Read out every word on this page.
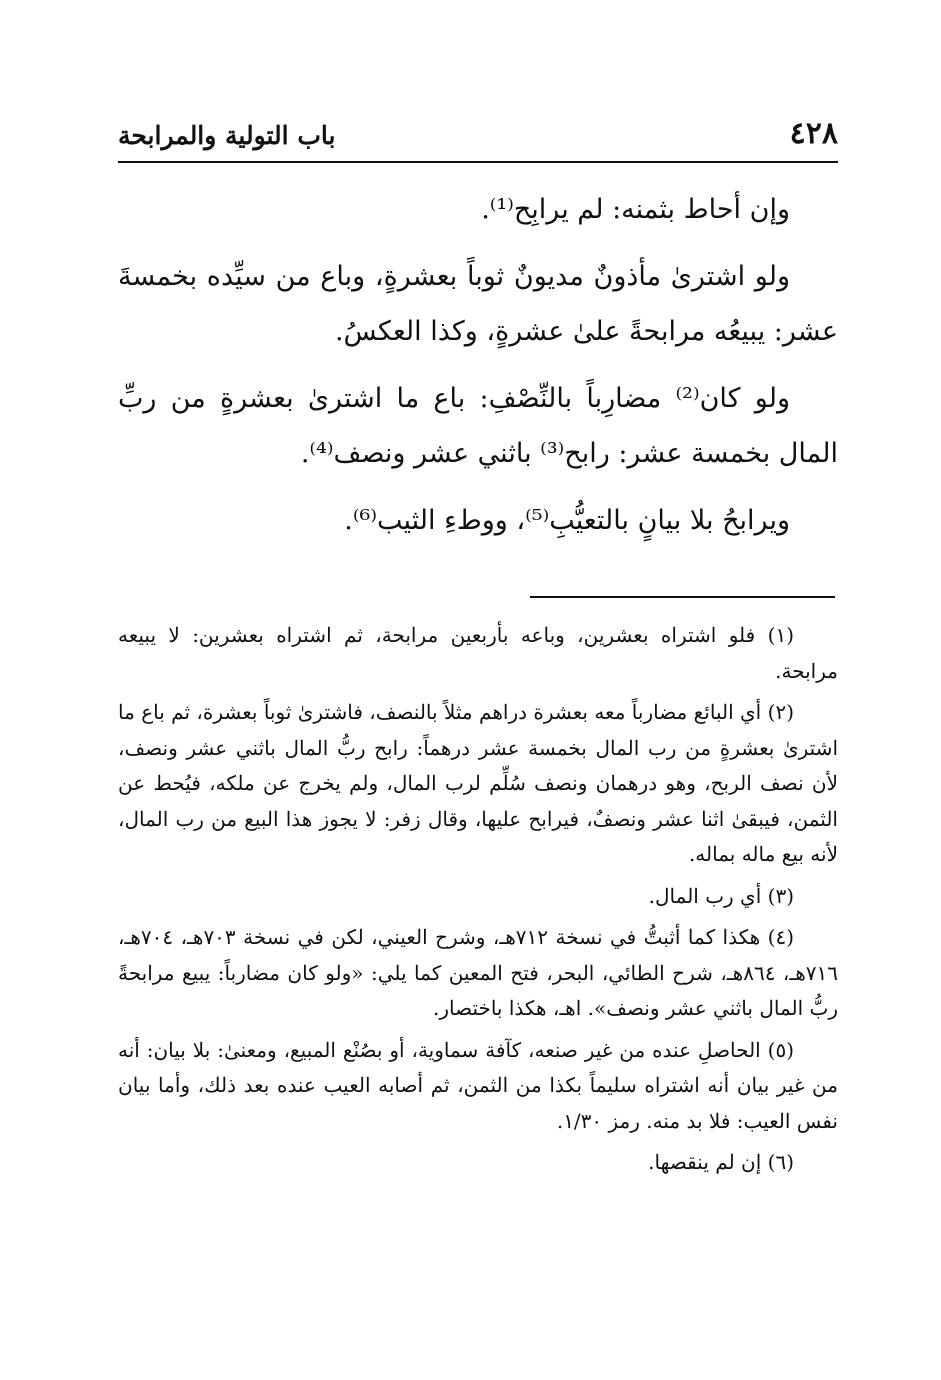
٤٢٨
باب التولية والمرابحة

وإن أحاط بثمنه: لم يرابِح⁽¹⁾.

ولو اشترىٰ مأذونٌ مديونٌ ثوباً بعشرةٍ، وباع من سيِّده بخمسةَ عشر: يبيعُه مرابحةً علىٰ عشرةٍ، وكذا العكسُ.

ولو كان⁽²⁾ مضارِباً بالنِّصْفِ: باع ما اشترىٰ بعشرةٍ من ربِّ المال بخمسة عشر: رابح⁽³⁾ باثني عشر ونصف⁽⁴⁾.

ويرابحُ بلا بيانٍ بالتعيُّبِ⁽⁵⁾، ووطءِ الثيب⁽⁶⁾.

(١) فلو اشتراه بعشرين، وباعه بأربعين مرابحة، ثم اشتراه بعشرين: لا يبيعه مرابحة.

(٢) أي البائع مضارباً معه بعشرة دراهم مثلاً بالنصف، فاشترىٰ ثوباً بعشرة، ثم باع ما اشترىٰ بعشرةٍ من رب المال بخمسة عشر درهماً: رابح ربُّ المال باثني عشر ونصف، لأن نصف الربح، وهو درهمان ونصف سُلِّم لرب المال، ولم يخرج عن ملكه، فيُحط عن الثمن، فيبقىٰ اثنا عشر ونصفٌ، فيرابح عليها، وقال زفر: لا يجوز هذا البيع من رب المال، لأنه بيع ماله بماله.

(٣) أي رب المال.

(٤) هكذا كما أثبتُّ في نسخة ٧١٢هـ، وشرح العيني، لكن في نسخة ٧٠٣هـ، ٧٠٤هـ، ٧١٦هـ، ٨٦٤هـ، شرح الطائي، البحر، فتح المعين كما يلي: «ولو كان مضارباً: يبيع مرابحةً ربُّ المال باثني عشر ونصف». اهـ، هكذا باختصار.

(٥) الحاصلِ عنده من غير صنعه، كآفة سماوية، أو بصُنْع المبيع، ومعنىٰ: بلا بيان: أنه من غير بيان أنه اشتراه سليماً بكذا من الثمن، ثم أصابه العيب عنده بعد ذلك، وأما بيان نفس العيب: فلا بد منه. رمز ١/٣٠.

(٦) إن لم ينقصها.
